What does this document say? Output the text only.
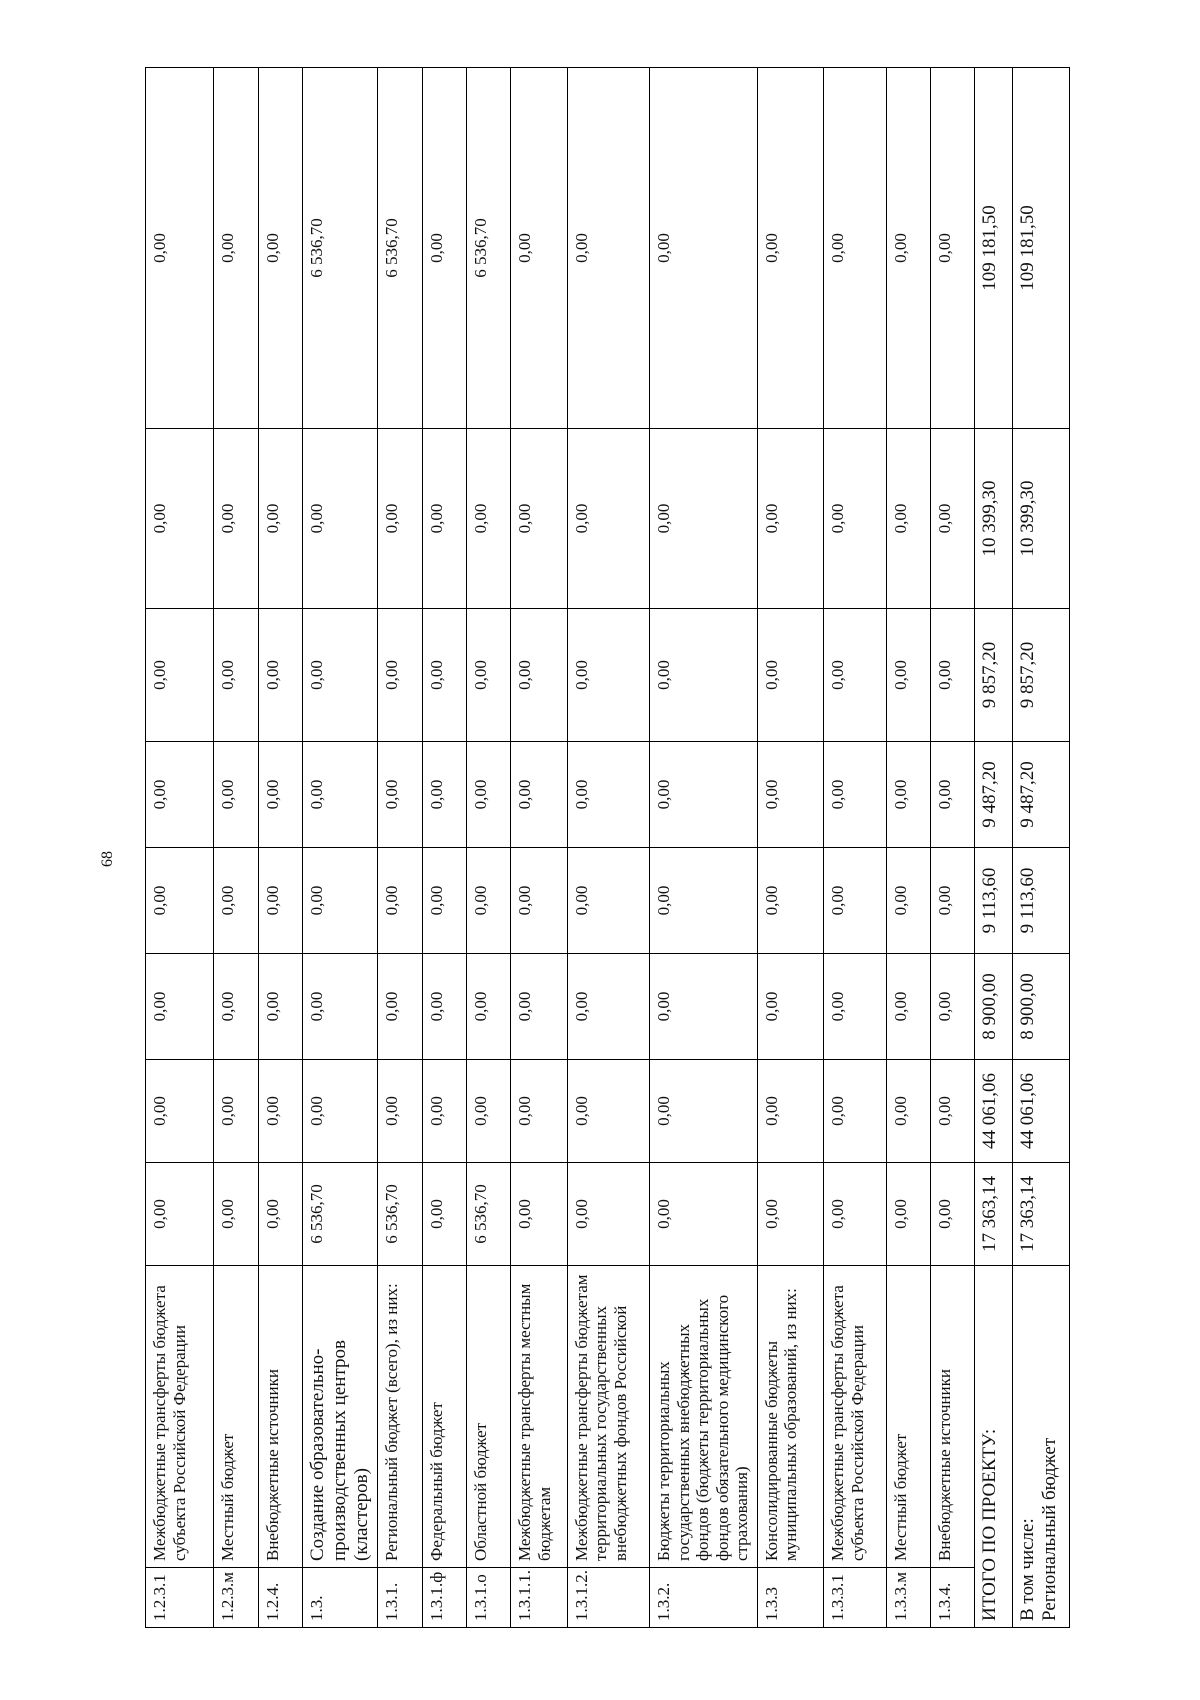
68
1.2.3.1	Межбюджетные трансферты бюджета субъекта Российской Федерации	0,00	0,00	0,00	0,00	0,00	0,00	0,00	0,00
1.2.3.м	Местный бюджет	0,00	0,00	0,00	0,00	0,00	0,00	0,00	0,00
1.2.4.	Внебюджетные источники	0,00	0,00	0,00	0,00	0,00	0,00	0,00	0,00
1.3.	Создание образовательно-производственных центров (кластеров)	6 536,70	0,00	0,00	0,00	0,00	0,00	0,00	6 536,70
1.3.1.	Региональный бюджет (всего), из них:	6 536,70	0,00	0,00	0,00	0,00	0,00	0,00	6 536,70
1.3.1.ф	Федеральный бюджет	0,00	0,00	0,00	0,00	0,00	0,00	0,00	0,00
1.3.1.о	Областной бюджет	6 536,70	0,00	0,00	0,00	0,00	0,00	0,00	6 536,70
1.3.1.1.	Межбюджетные трансферты местным бюджетам	0,00	0,00	0,00	0,00	0,00	0,00	0,00	0,00
1.3.1.2.	Межбюджетные трансферты бюджетам территориальных государственных внебюджетных фондов Российской	0,00	0,00	0,00	0,00	0,00	0,00	0,00	0,00
1.3.2.	Бюджеты территориальных государственных внебюджетных фондов (бюджеты территориальных фондов обязательного медицинского страхования)	0,00	0,00	0,00	0,00	0,00	0,00	0,00	0,00
1.3.3	Консолидированные бюджеты муниципальных образований, из них:	0,00	0,00	0,00	0,00	0,00	0,00	0,00	0,00
1.3.3.1	Межбюджетные трансферты бюджета субъекта Российской Федерации	0,00	0,00	0,00	0,00	0,00	0,00	0,00	0,00
1.3.3.м	Местный бюджет	0,00	0,00	0,00	0,00	0,00	0,00	0,00	0,00
1.3.4.	Внебюджетные источники	0,00	0,00	0,00	0,00	0,00	0,00	0,00	0,00
ИТОГО ПО ПРОЕКТУ:		17 363,14	44 061,06	8 900,00	9 113,60	9 487,20	9 857,20	10 399,30	109 181,50

В том числе: Региональный бюджет		17 363,14	44 061,06	8 900,00	9 113,60	9 487,20	9 857,20	10 399,30	109 181,50
